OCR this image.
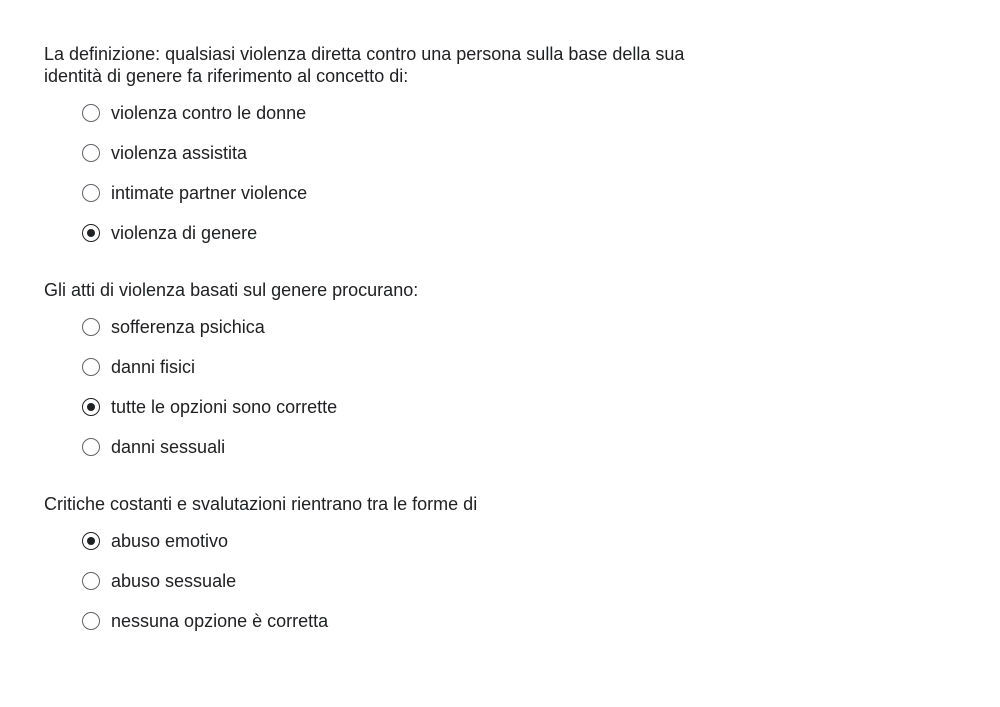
La definizione: qualsiasi violenza diretta contro una persona sulla base della sua
identità di genere fa riferimento al concetto di:

violenza contro le donne
violenza assistita
intimate partner violence
violenza di genere

Gli atti di violenza basati sul genere procurano:

sofferenza psichica
danni fisici
tutte le opzioni sono corrette
danni sessuali

Critiche costanti e svalutazioni rientrano tra le forme di

abuso emotivo
abuso sessuale
nessuna opzione è corretta
